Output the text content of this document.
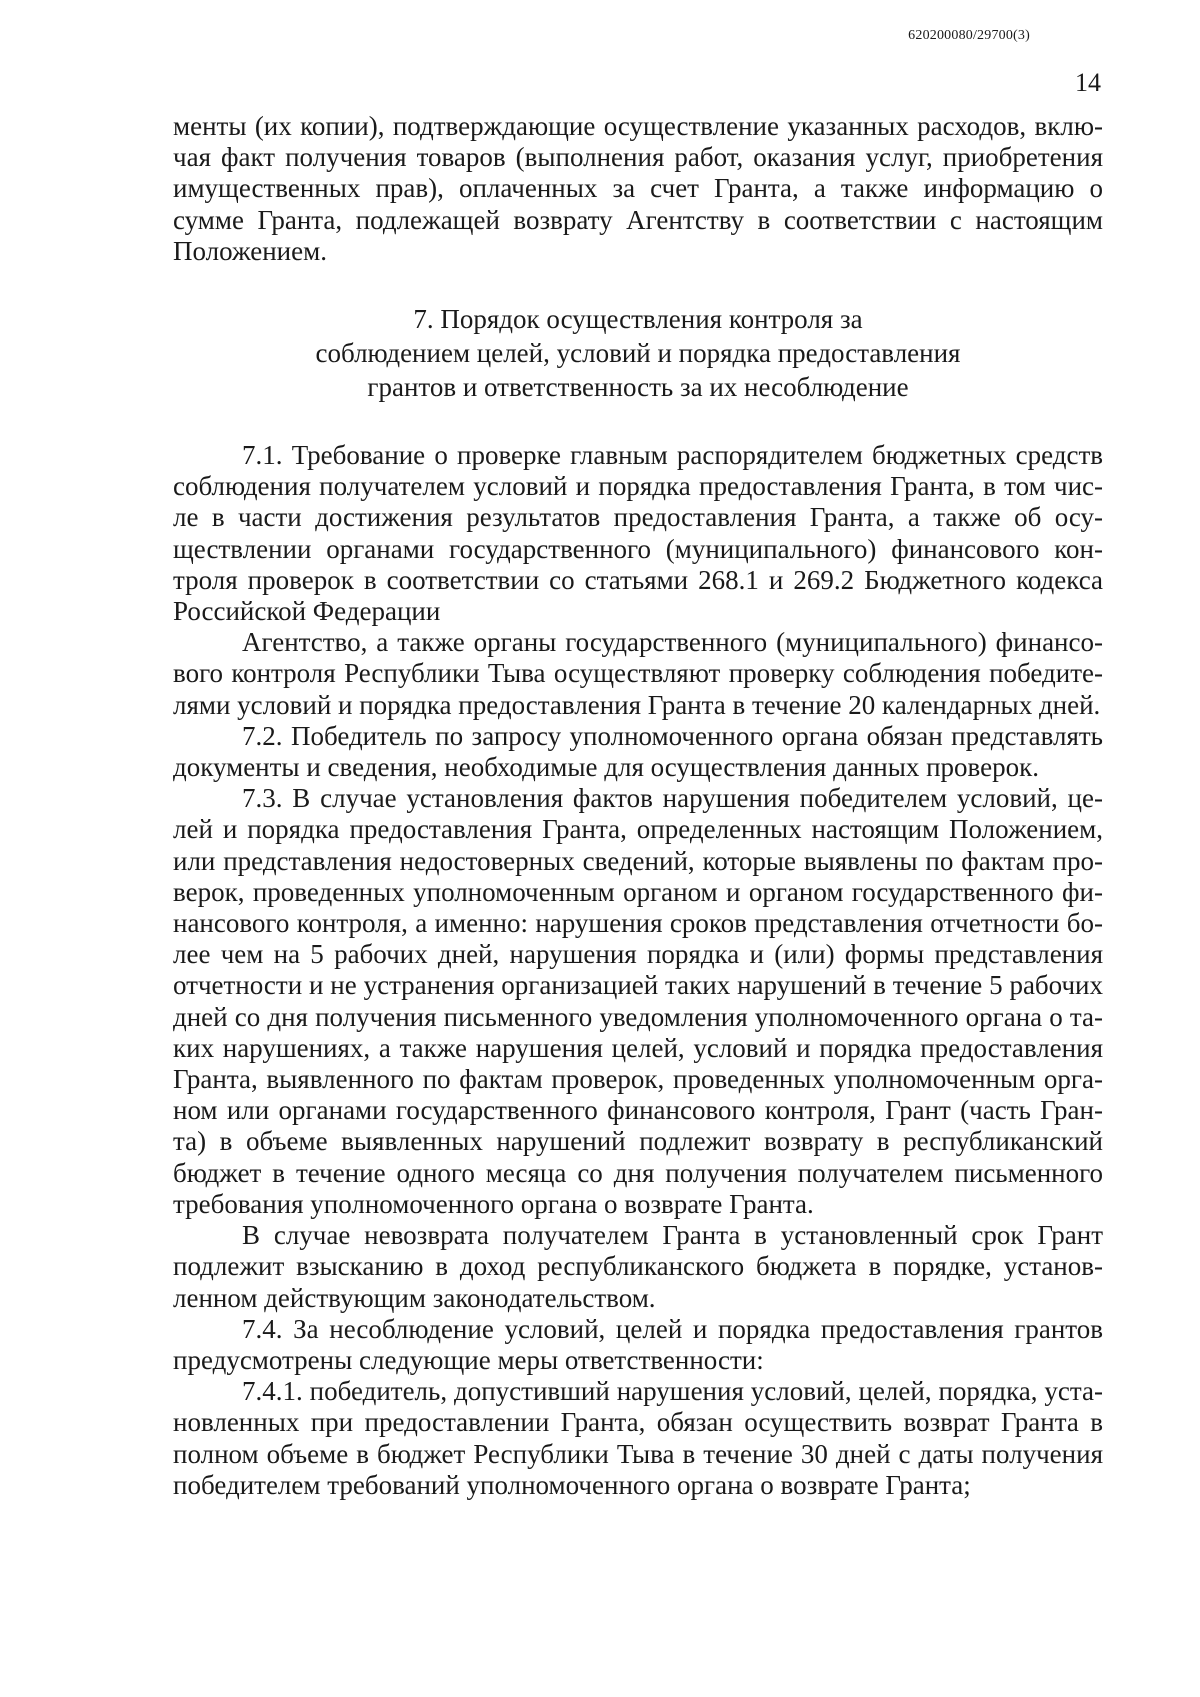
620200080/29700(3)
14

менты (их копии), подтверждающие осуществление указанных расходов, включая факт получения товаров (выполнения работ, оказания услуг, приобретения имущественных прав), оплаченных за счет Гранта, а также информацию о сумме Гранта, подлежащей возврату Агентству в соответствии с настоящим Положением.

7. Порядок осуществления контроля за
соблюдением целей, условий и порядка предоставления
грантов и ответственность за их несоблюдение

7.1. Требование о проверке главным распорядителем бюджетных средств соблюдения получателем условий и порядка предоставления Гранта, в том числе в части достижения результатов предоставления Гранта, а также об осуществлении органами государственного (муниципального) финансового контроля проверок в соответствии со статьями 268.1 и 269.2 Бюджетного кодекса Российской Федерации

Агентство, а также органы государственного (муниципального) финансового контроля Республики Тыва осуществляют проверку соблюдения победителями условий и порядка предоставления Гранта в течение 20 календарных дней.

7.2. Победитель по запросу уполномоченного органа обязан представлять документы и сведения, необходимые для осуществления данных проверок.

7.3. В случае установления фактов нарушения победителем условий, целей и порядка предоставления Гранта, определенных настоящим Положением, или представления недостоверных сведений, которые выявлены по фактам проверок, проведенных уполномоченным органом и органом государственного финансового контроля, а именно: нарушения сроков представления отчетности более чем на 5 рабочих дней, нарушения порядка и (или) формы представления отчетности и не устранения организацией таких нарушений в течение 5 рабочих дней со дня получения письменного уведомления уполномоченного органа о таких нарушениях, а также нарушения целей, условий и порядка предоставления Гранта, выявленного по фактам проверок, проведенных уполномоченным органом или органами государственного финансового контроля, Грант (часть Гранта) в объеме выявленных нарушений подлежит возврату в республиканский бюджет в течение одного месяца со дня получения получателем письменного требования уполномоченного органа о возврате Гранта.

В случае невозврата получателем Гранта в установленный срок Грант подлежит взысканию в доход республиканского бюджета в порядке, установленном действующим законодательством.

7.4. За несоблюдение условий, целей и порядка предоставления грантов предусмотрены следующие меры ответственности:

7.4.1. победитель, допустивший нарушения условий, целей, порядка, установленных при предоставлении Гранта, обязан осуществить возврат Гранта в полном объеме в бюджет Республики Тыва в течение 30 дней с даты получения победителем требований уполномоченного органа о возврате Гранта;
